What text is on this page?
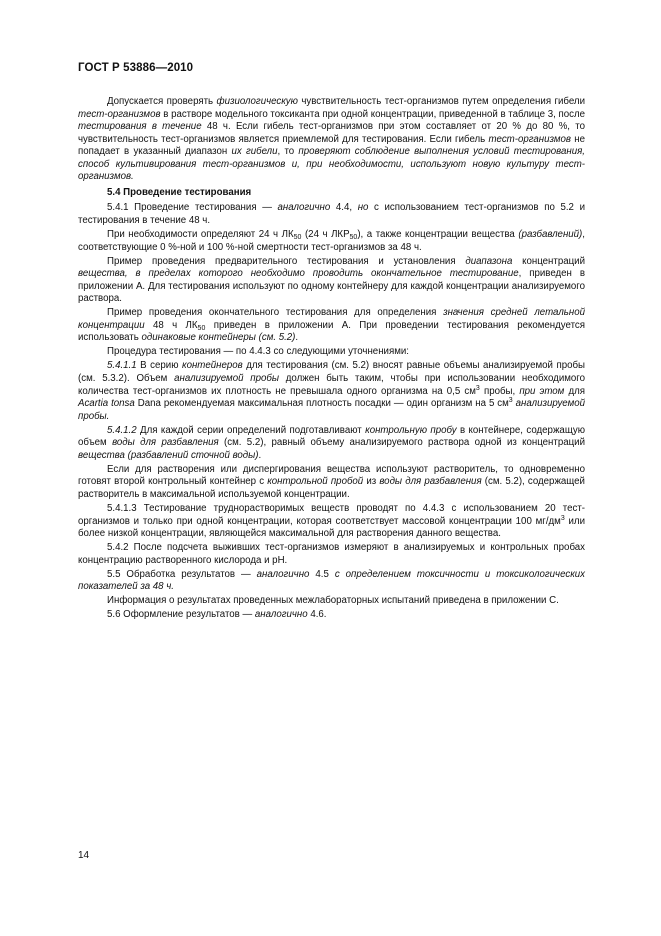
ГОСТ Р 53886—2010

Допускается проверять физиологическую чувствительность тест-организмов путем определения гибели тест-организмов в растворе модельного токсиканта при одной концентрации, приведенной в таблице 3, после тестирования в течение 48 ч. Если гибель тест-организмов при этом составляет от 20 % до 80 %, то чувствительность тест-организмов является приемлемой для тестирования. Если гибель тест-организмов не попадает в указанный диапазон их гибели, то проверяют соблюдение выполнения условий тестирования, способ культивирования тест-организмов и, при необходимости, используют новую культуру тест-организмов.

5.4 Проведение тестирования

5.4.1 Проведение тестирования — аналогично 4.4, но с использованием тест-организмов по 5.2 и тестирования в течение 48 ч.

При необходимости определяют 24 ч $ЛК_{50}$ (24 ч $ЛКР_{50}$), а также концентрации вещества (разбавлений), соответствующие 0 %-ной и 100 %-ной смертности тест-организмов за 48 ч.

Пример проведения предварительного тестирования и установления диапазона концентраций вещества, в пределах которого необходимо проводить окончательное тестирование, приведен в приложении А. Для тестирования используют по одному контейнеру для каждой концентрации анализируемого раствора.

Пример проведения окончательного тестирования для определения значения средней летальной концентрации 48 ч $ЛК_{50}$ приведен в приложении А. При проведении тестирования рекомендуется использовать одинаковые контейнеры (см. 5.2).

Процедура тестирования — по 4.4.3 со следующими уточнениями:

5.4.1.1 В серию контейнеров для тестирования (см. 5.2) вносят равные объемы анализируемой пробы (см. 5.3.2). Объем анализируемой пробы должен быть таким, чтобы при использовании необходимого количества тест-организмов их плотность не превышала одного организма на 0,5 $см^3$ пробы, при этом для Acartia tonsa Dana рекомендуемая максимальная плотность посадки — один организм на 5 $см^3$ анализируемой пробы.

5.4.1.2 Для каждой серии определений подготавливают контрольную пробу в контейнере, содержащую объем воды для разбавления (см. 5.2), равный объему анализируемого раствора одной из концентраций вещества (разбавлений сточной воды).

Если для растворения или диспергирования вещества используют растворитель, то одновременно готовят второй контрольный контейнер с контрольной пробой из воды для разбавления (см. 5.2), содержащей растворитель в максимальной используемой концентрации.

5.4.1.3 Тестирование труднорастворимых веществ проводят по 4.4.3 с использованием 20 тест-организмов и только при одной концентрации, которая соответствует массовой концентрации 100 $мг/дм^3$ или более низкой концентрации, являющейся максимальной для растворения данного вещества.

5.4.2 После подсчета выживших тест-организмов измеряют в анализируемых и контрольных пробах концентрацию растворенного кислорода и pH.

5.5 Обработка результатов — аналогично 4.5 с определением токсичности и токсикологических показателей за 48 ч.

Информация о результатах проведенных межлабораторных испытаний приведена в приложении С.

5.6 Оформление результатов — аналогично 4.6.

14
